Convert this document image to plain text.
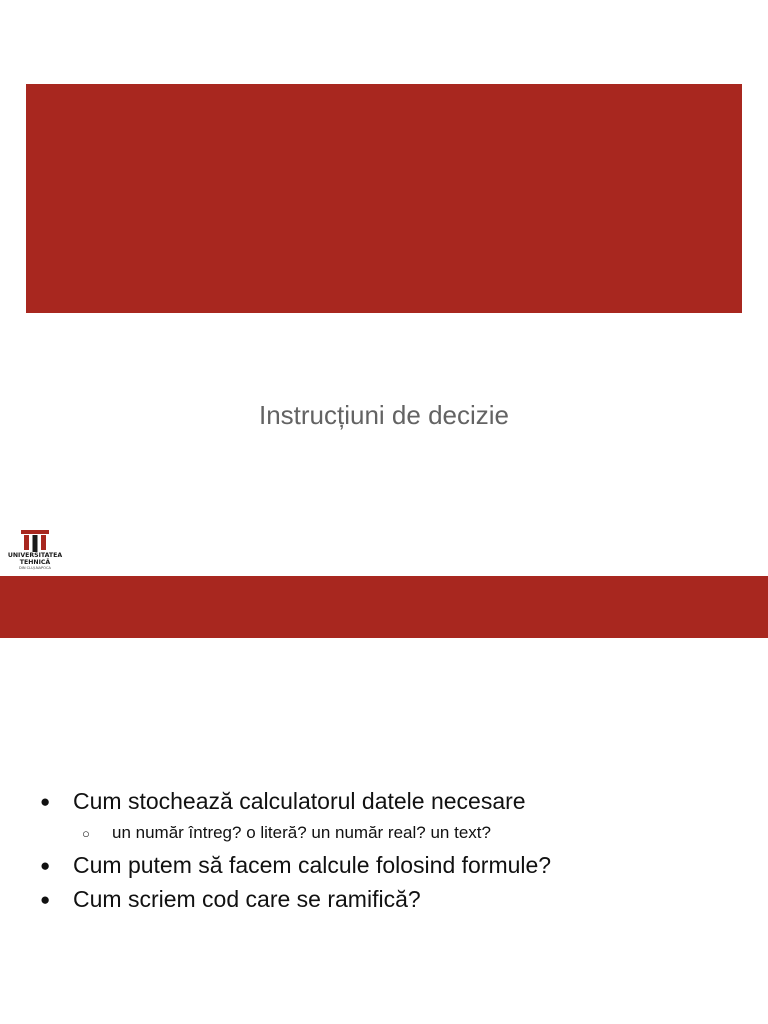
Instrucțiuni de decizie
UNIVERSITATEA
TEHNICĂ
DIN CLUJ-NAPOCA
● Cum stochează calculatorul datele necesare
○	un număr întreg? o literă? un număr real? un text?
● Cum putem să facem calcule folosind formule?
● Cum scriem cod care se ramifică?
